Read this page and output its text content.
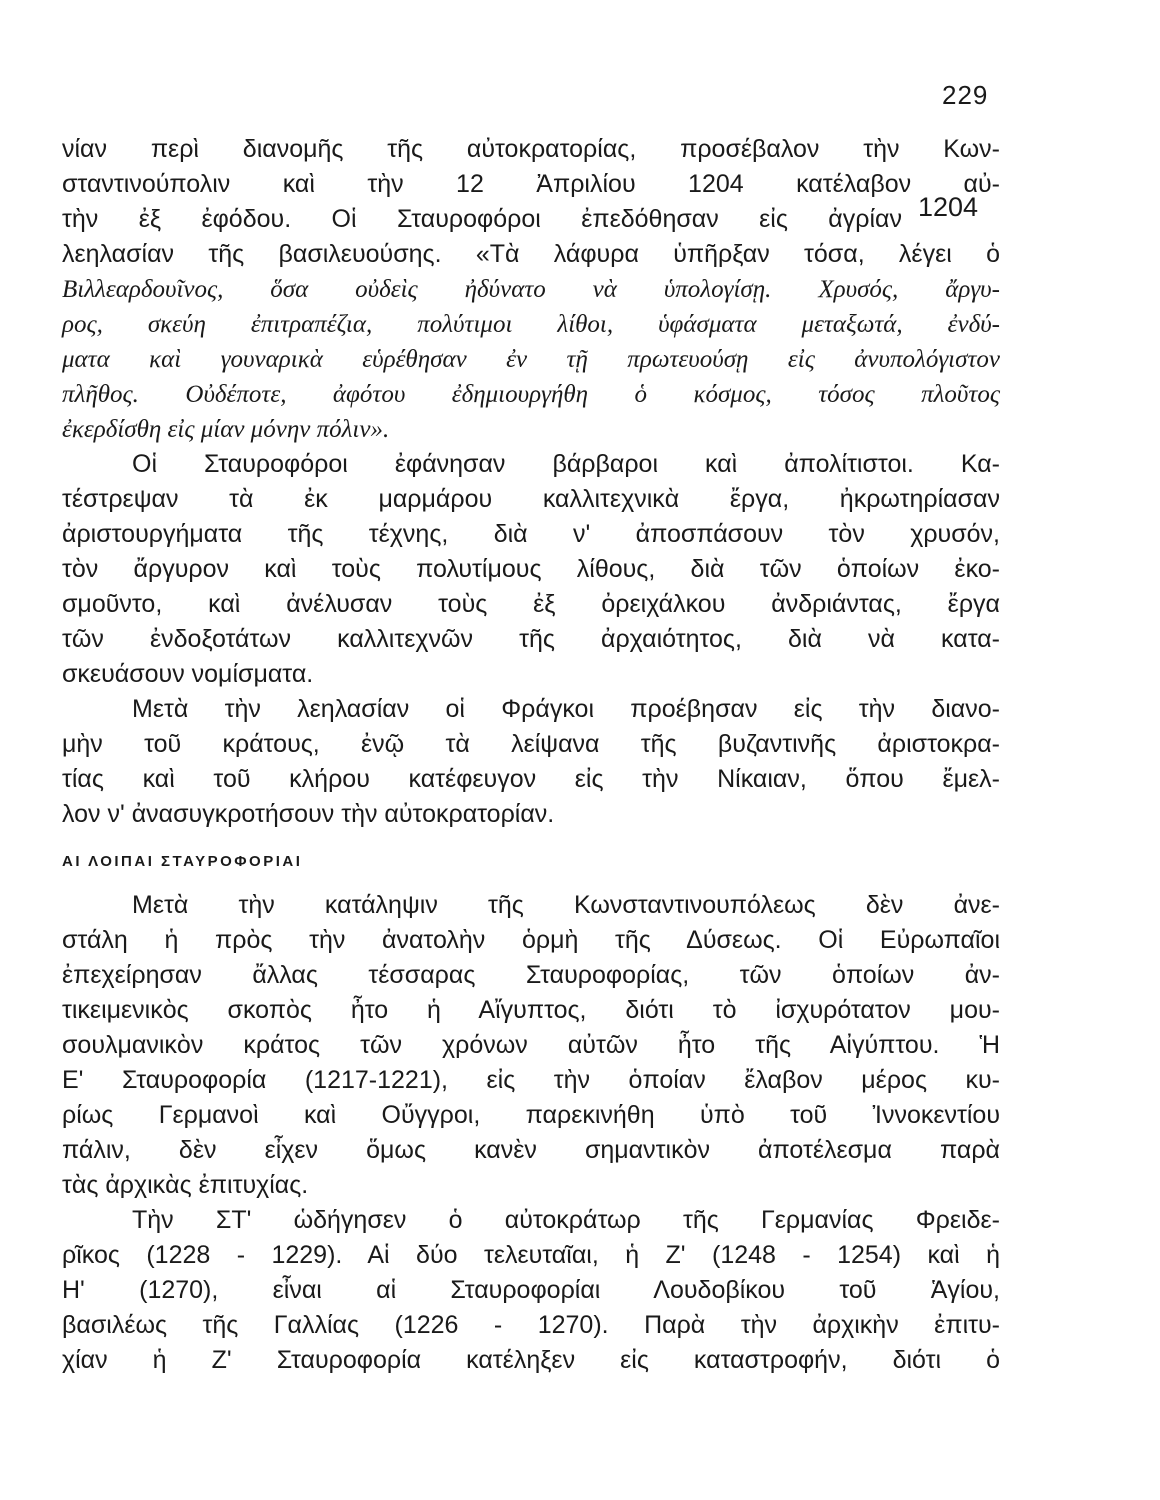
229
1204
νίαν περὶ διανομῆς τῆς αὐτοκρατορίας, προσέβαλον τὴν Κων-
σταντινούπολιν καὶ τὴν 12 Ἀπριλίου 1204 κατέλαβον αὐ-
τὴν ἐξ ἐφόδου. Οἱ Σταυροφόροι ἐπεδόθησαν εἰς ἀγρίαν
λεηλασίαν τῆς βασιλευούσης. «Τὰ λάφυρα ὑπῆρξαν τόσα, λέγει ὁ
Βιλλεαρδουῖνος, ὅσα οὐδεὶς ἠδύνατο νὰ ὑπολογίσῃ. Χρυσός, ἄργυ-
ρος, σκεύη ἐπιτραπέζια, πολύτιμοι λίθοι, ὑφάσματα μεταξωτά, ἐνδύ-
ματα καὶ γουναρικὰ εὑρέθησαν ἐν τῇ πρωτευούσῃ εἰς ἀνυπολόγιστον
πλῆθος. Οὐδέποτε, ἀφότου ἐδημιουργήθη ὁ κόσμος, τόσος πλοῦτος
ἐκερδίσθη εἰς μίαν μόνην πόλιν».
Οἱ Σταυροφόροι ἐφάνησαν βάρβαροι καὶ ἀπολίτιστοι. Κα-
τέστρεψαν τὰ ἐκ μαρμάρου καλλιτεχνικὰ ἔργα, ἠκρωτηρίασαν
ἀριστουργήματα τῆς τέχνης, διὰ ν' ἀποσπάσουν τὸν χρυσόν,
τὸν ἄργυρον καὶ τοὺς πολυτίμους λίθους, διὰ τῶν ὁποίων ἐκο-
σμοῦντο, καὶ ἀνέλυσαν τοὺς ἐξ ὀρειχάλκου ἀνδριάντας, ἔργα
τῶν ἐνδοξοτάτων καλλιτεχνῶν τῆς ἀρχαιότητος, διὰ νὰ κατα-
σκευάσουν νομίσματα.
Μετὰ τὴν λεηλασίαν οἱ Φράγκοι προέβησαν εἰς τὴν διανο-
μὴν τοῦ κράτους, ἐνῷ τὰ λείψανα τῆς βυζαντινῆς ἀριστοκρα-
τίας καὶ τοῦ κλήρου κατέφευγον εἰς τὴν Νίκαιαν, ὅπου ἔμελ-
λον ν' ἀνασυγκροτήσουν τὴν αὐτοκρατορίαν.
ΑΙ ΛΟΙΠΑΙ ΣΤΑΥΡΟΦΟΡΙΑΙ
Μετὰ τὴν κατάληψιν τῆς Κωνσταντινουπόλεως δὲν ἀνε-
στάλη ἡ πρὸς τὴν ἀνατολὴν ὁρμὴ τῆς Δύσεως. Οἱ Εὐρωπαῖοι
ἐπεχείρησαν ἄλλας τέσσαρας Σταυροφορίας, τῶν ὁποίων ἀν-
τικειμενικὸς σκοπὸς ἦτο ἡ Αἴγυπτος, διότι τὸ ἰσχυρότατον μου-
σουλμανικὸν κράτος τῶν χρόνων αὐτῶν ἦτο τῆς Αἰγύπτου. Ἡ
Ε' Σταυροφορία (1217-1221), εἰς τὴν ὁποίαν ἔλαβον μέρος κυ-
ρίως Γερμανοὶ καὶ Οὔγγροι, παρεκινήθη ὑπὸ τοῦ Ἰννοκεντίου
πάλιν, δὲν εἶχεν ὅμως κανὲν σημαντικὸν ἀποτέλεσμα παρὰ
τὰς ἀρχικὰς ἐπιτυχίας.
Τὴν ΣΤ' ὡδήγησεν ὁ αὐτοκράτωρ τῆς Γερμανίας Φρειδε-
ρῖκος (1228 - 1229). Αἱ δύο τελευταῖαι, ἡ Ζ' (1248 - 1254) καὶ ἡ
Η' (1270), εἶναι αἱ Σταυροφορίαι Λουδοβίκου τοῦ Ἁγίου,
βασιλέως τῆς Γαλλίας (1226 - 1270). Παρὰ τὴν ἀρχικὴν ἐπιτυ-
χίαν ἡ Ζ' Σταυροφορία κατέληξεν εἰς καταστροφήν, διότι ὁ
